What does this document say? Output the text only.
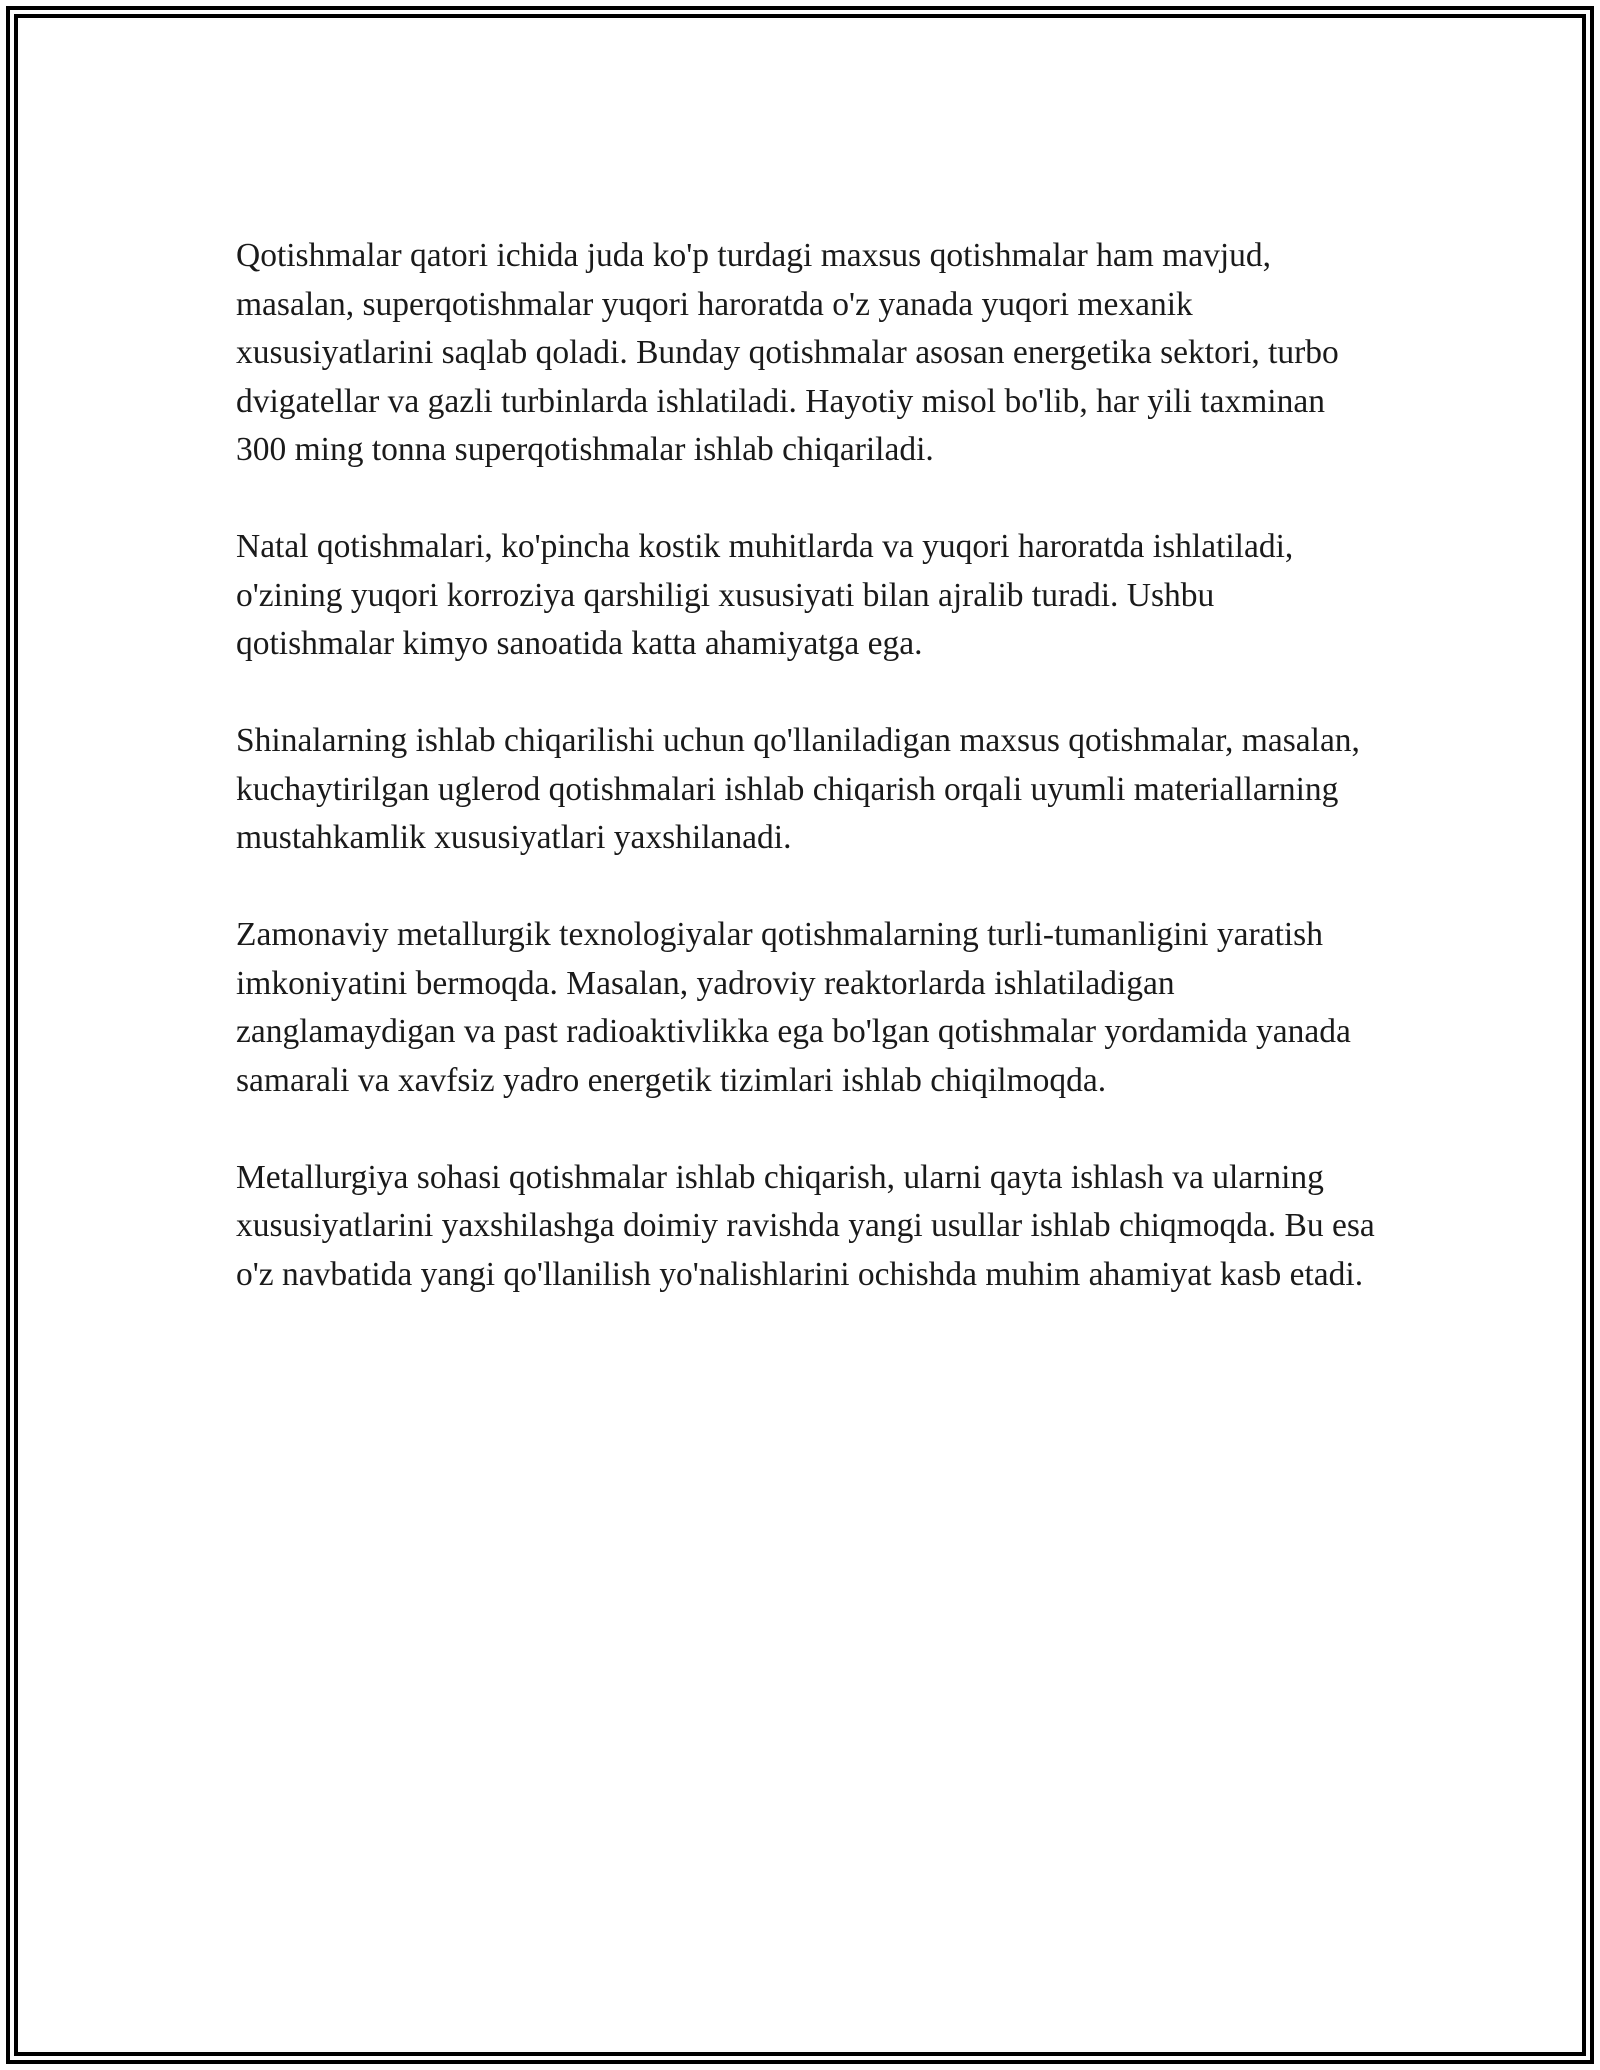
Qotishmalar qatori ichida juda ko'p turdagi maxsus qotishmalar ham mavjud, masalan, superqotishmalar yuqori haroratda o'z yanada yuqori mexanik xususiyatlarini saqlab qoladi. Bunday qotishmalar asosan energetika sektori, turbo dvigatellar va gazli turbinlarda ishlatiladi. Hayotiy misol bo'lib, har yili taxminan 300 ming tonna superqotishmalar ishlab chiqariladi.

Natal qotishmalari, ko'pincha kostik muhitlarda va yuqori haroratda ishlatiladi, o'zining yuqori korroziya qarshiligi xususiyati bilan ajralib turadi. Ushbu qotishmalar kimyo sanoatida katta ahamiyatga ega.

Shinalarning ishlab chiqarilishi uchun qo'llaniladigan maxsus qotishmalar, masalan, kuchaytirilgan uglerod qotishmalari ishlab chiqarish orqali uyumli materiallarning mustahkamlik xususiyatlari yaxshilanadi.

Zamonaviy metallurgik texnologiyalar qotishmalarning turli-tumanligini yaratish imkoniyatini bermoqda. Masalan, yadroviy reaktorlarda ishlatiladigan zanglamaydigan va past radioaktivlikka ega bo'lgan qotishmalar yordamida yanada samarali va xavfsiz yadro energetik tizimlari ishlab chiqilmoqda.

Metallurgiya sohasi qotishmalar ishlab chiqarish, ularni qayta ishlash va ularning xususiyatlarini yaxshilashga doimiy ravishda yangi usullar ishlab chiqmoqda. Bu esa o'z navbatida yangi qo'llanilish yo'nalishlarini ochishda muhim ahamiyat kasb etadi.
